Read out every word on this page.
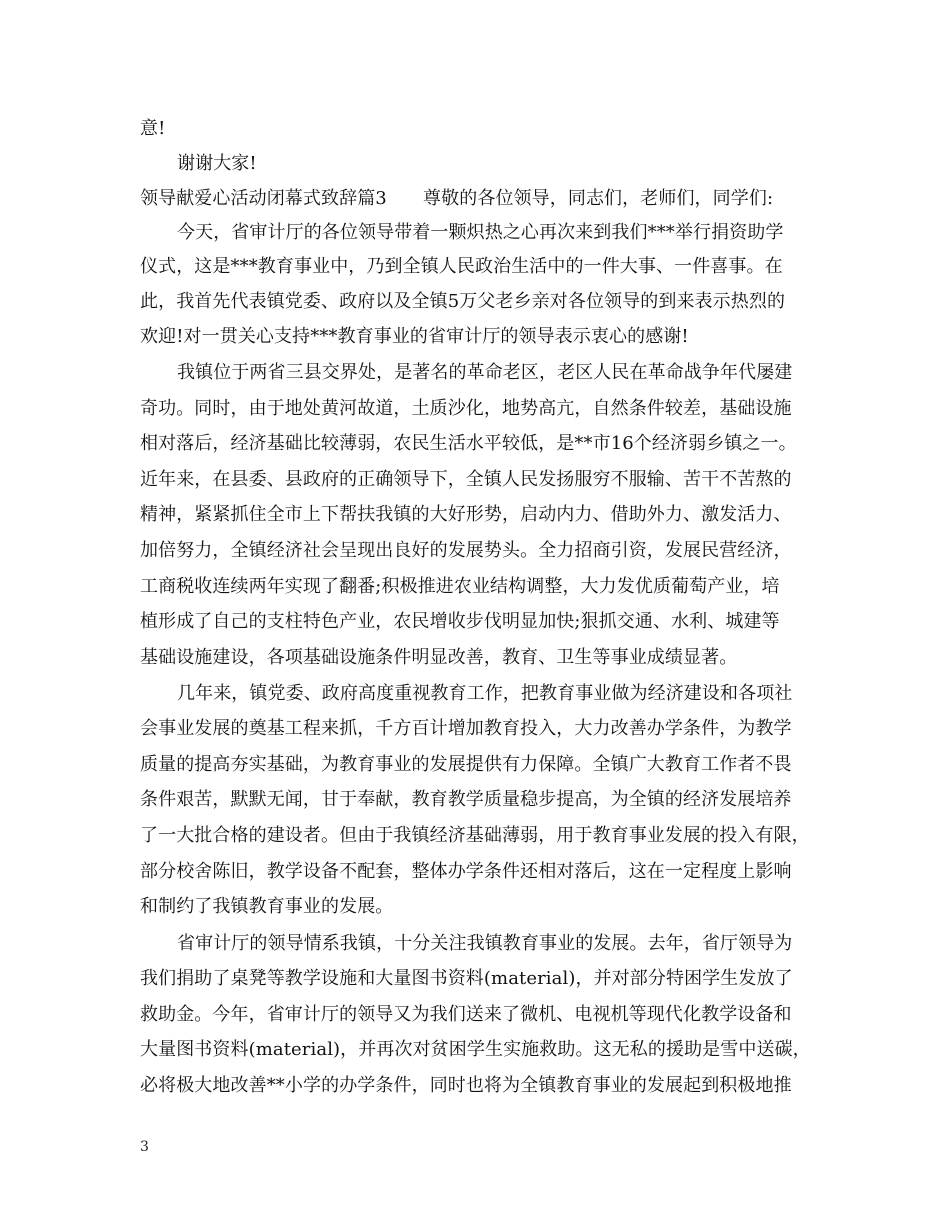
意!
谢谢大家!
领导献爱心活动闭幕式致辞篇3　　尊敬的各位领导，同志们，老师们，同学们:
今天，省审计厅的各位领导带着一颗炽热之心再次来到我们***举行捐资助学
仪式，这是***教育事业中，乃到全镇人民政治生活中的一件大事、一件喜事。在
此，我首先代表镇党委、政府以及全镇5万父老乡亲对各位领导的到来表示热烈的
欢迎!对一贯关心支持***教育事业的省审计厅的领导表示衷心的感谢!
我镇位于两省三县交界处，是著名的革命老区，老区人民在革命战争年代屡建
奇功。同时，由于地处黄河故道，土质沙化，地势高亢，自然条件较差，基础设施
相对落后，经济基础比较薄弱，农民生活水平较低，是**市16个经济弱乡镇之一。
近年来，在县委、县政府的正确领导下，全镇人民发扬服穷不服输、苦干不苦熬的
精神，紧紧抓住全市上下帮扶我镇的大好形势，启动内力、借助外力、激发活力、
加倍努力，全镇经济社会呈现出良好的发展势头。全力招商引资，发展民营经济，
工商税收连续两年实现了翻番;积极推进农业结构调整，大力发优质葡萄产业，培
植形成了自己的支柱特色产业，农民增收步伐明显加快;狠抓交通、水利、城建等
基础设施建设，各项基础设施条件明显改善，教育、卫生等事业成绩显著。
几年来，镇党委、政府高度重视教育工作，把教育事业做为经济建设和各项社
会事业发展的奠基工程来抓，千方百计增加教育投入，大力改善办学条件，为教学
质量的提高夯实基础，为教育事业的发展提供有力保障。全镇广大教育工作者不畏
条件艰苦，默默无闻，甘于奉献，教育教学质量稳步提高，为全镇的经济发展培养
了一大批合格的建设者。但由于我镇经济基础薄弱，用于教育事业发展的投入有限，
部分校舍陈旧，教学设备不配套，整体办学条件还相对落后，这在一定程度上影响
和制约了我镇教育事业的发展。
省审计厅的领导情系我镇，十分关注我镇教育事业的发展。去年，省厅领导为
我们捐助了桌凳等教学设施和大量图书资料(material)，并对部分特困学生发放了
救助金。今年，省审计厅的领导又为我们送来了微机、电视机等现代化教学设备和
大量图书资料(material)，并再次对贫困学生实施救助。这无私的援助是雪中送碳，
必将极大地改善**小学的办学条件，同时也将为全镇教育事业的发展起到积极地推
3
